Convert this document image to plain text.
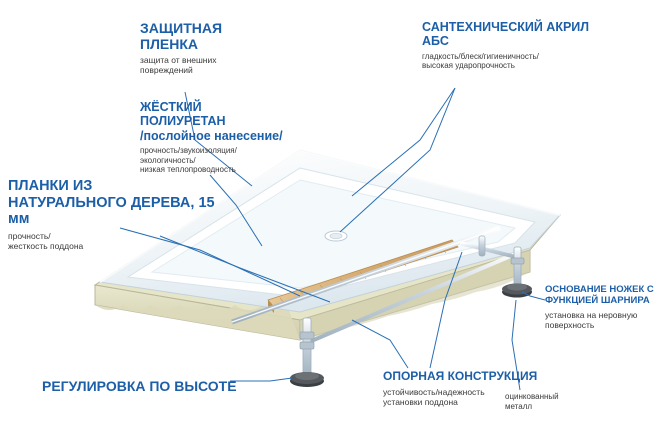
ЗАЩИТНАЯ
ПЛЕНКА
защита от внешних
повреждений
САНТЕХНИЧЕСКИЙ АКРИЛ
АБС
гладкость/блеск/гигиеничность/
высокая ударопрочность
ЖЁСТКИЙ
ПОЛИУРЕТАН
/послойное нанесение/
прочность/звукоизоляция/
экологичность/
низкая теплопроводность
ПЛАНКИ ИЗ
НАТУРАЛЬНОГО ДЕРЕВА, 15 мм
прочность/
жесткость поддона
ОСНОВАНИЕ НОЖЕК С
ФУНКЦИЕЙ ШАРНИРА
установка на неровную
поверхность
РЕГУЛИРОВКА ПО ВЫСОТЕ
ОПОРНАЯ КОНСТРУКЦИЯ
устойчивость/надежность
установки поддона
оцинкованный
металл
